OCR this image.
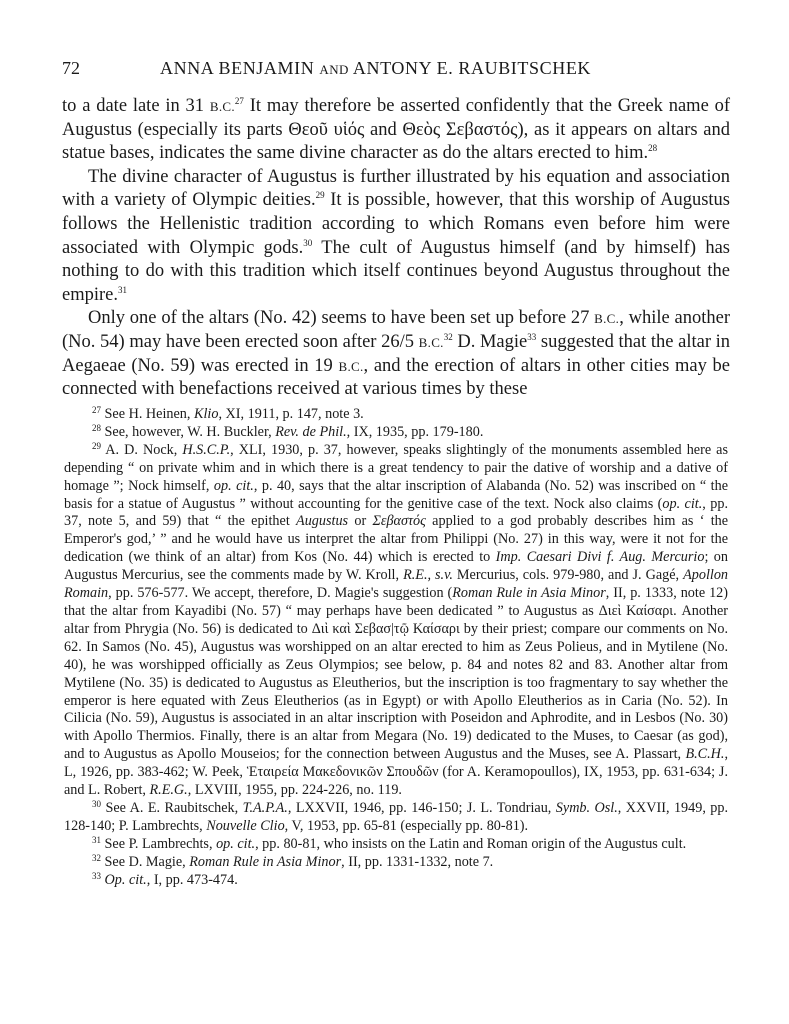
72	ANNA BENJAMIN AND ANTONY E. RAUBITSCHEK

to a date late in 31 B.C.$^{27}$ It may therefore be asserted confidently that the Greek name of Augustus (especially its parts Θεοῦ υἱός and Θεὸς Σεβαστός), as it appears on altars and statue bases, indicates the same divine character as do the altars erected to him.$^{28}$

The divine character of Augustus is further illustrated by his equation and association with a variety of Olympic deities.$^{29}$ It is possible, however, that this worship of Augustus follows the Hellenistic tradition according to which Romans even before him were associated with Olympic gods.$^{30}$ The cult of Augustus himself (and by himself) has nothing to do with this tradition which itself continues beyond Augustus throughout the empire.$^{31}$

Only one of the altars (No. 42) seems to have been set up before 27 B.C., while another (No. 54) may have been erected soon after 26/5 B.C.$^{32}$ D. Magie$^{33}$ suggested that the altar in Aegaeae (No. 59) was erected in 19 B.C., and the erection of altars in other cities may be connected with benefactions received at various times by these

$^{27}$ See H. Heinen, Klio, XI, 1911, p. 147, note 3.

$^{28}$ See, however, W. H. Buckler, Rev. de Phil., IX, 1935, pp. 179-180.

$^{29}$ A. D. Nock, H.S.C.P., XLI, 1930, p. 37, however, speaks slightingly of the monuments assembled here as depending “ on private whim and in which there is a great tendency to pair the dative of worship and a dative of homage ”; Nock himself, op. cit., p. 40, says that the altar inscription of Alabanda (No. 52) was inscribed on “ the basis for a statue of Augustus ” without accounting for the genitive case of the text. Nock also claims (op. cit., pp. 37, note 5, and 59) that “ the epithet Augustus or Σεβαστός applied to a god probably describes him as ‘ the Emperor's god,’ ” and he would have us interpret the altar from Philippi (No. 27) in this way, were it not for the dedication (we think of an altar) from Kos (No. 44) which is erected to Imp. Caesari Divi f. Aug. Mercurio; on Augustus Mercurius, see the comments made by W. Kroll, R.E., s.v. Mercurius, cols. 979-980, and J. Gagé, Apollon Romain, pp. 576-577. We accept, therefore, D. Magie's suggestion (Roman Rule in Asia Minor, II, p. 1333, note 12) that the altar from Kayadibi (No. 57) “ may perhaps have been dedicated ” to Augustus as Διεὶ Καίσαρι. Another altar from Phrygia (No. 56) is dedicated to Διὶ καὶ Σεβασ|τῷ Καίσαρι by their priest; compare our comments on No. 62. In Samos (No. 45), Augustus was worshipped on an altar erected to him as Zeus Polieus, and in Mytilene (No. 40), he was worshipped officially as Zeus Olympios; see below, p. 84 and notes 82 and 83. Another altar from Mytilene (No. 35) is dedicated to Augustus as Eleutherios, but the inscription is too fragmentary to say whether the emperor is here equated with Zeus Eleutherios (as in Egypt) or with Apollo Eleutherios as in Caria (No. 52). In Cilicia (No. 59), Augustus is associated in an altar inscription with Poseidon and Aphrodite, and in Lesbos (No. 30) with Apollo Thermios. Finally, there is an altar from Megara (No. 19) dedicated to the Muses, to Caesar (as god), and to Augustus as Apollo Mouseios; for the connection between Augustus and the Muses, see A. Plassart, B.C.H., L, 1926, pp. 383-462; W. Peek, Ἑταιρεία Μακεδονικῶν Σπουδῶν (for A. Keramopoullos), IX, 1953, pp. 631-634; J. and L. Robert, R.E.G., LXVIII, 1955, pp. 224-226, no. 119.

$^{30}$ See A. E. Raubitschek, T.A.P.A., LXXVII, 1946, pp. 146-150; J. L. Tondriau, Symb. Osl., XXVII, 1949, pp. 128-140; P. Lambrechts, Nouvelle Clio, V, 1953, pp. 65-81 (especially pp. 80-81).

$^{31}$ See P. Lambrechts, op. cit., pp. 80-81, who insists on the Latin and Roman origin of the Augustus cult.

$^{32}$ See D. Magie, Roman Rule in Asia Minor, II, pp. 1331-1332, note 7.

$^{33}$ Op. cit., I, pp. 473-474.
